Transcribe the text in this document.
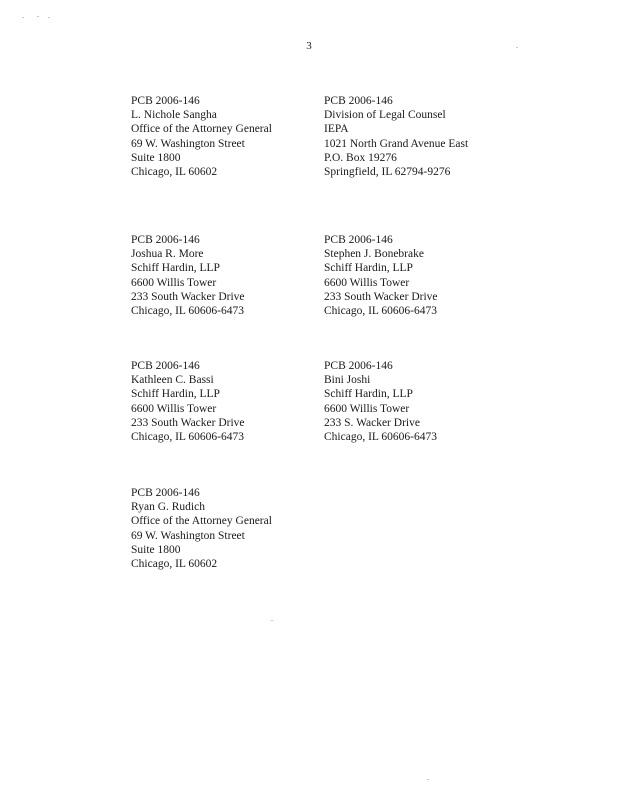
3
PCB 2006-146
L. Nichole Sangha
Office of the Attorney General
69 W. Washington Street
Suite 1800
Chicago, IL 60602
PCB 2006-146
Division of Legal Counsel
IEPA
1021 North Grand Avenue East
P.O. Box 19276
Springfield, IL 62794-9276
PCB 2006-146
Joshua R. More
Schiff Hardin, LLP
6600 Willis Tower
233 South Wacker Drive
Chicago, IL 60606-6473
PCB 2006-146
Stephen J. Bonebrake
Schiff Hardin, LLP
6600 Willis Tower
233 South Wacker Drive
Chicago, IL 60606-6473
PCB 2006-146
Kathleen C. Bassi
Schiff Hardin, LLP
6600 Willis Tower
233 South Wacker Drive
Chicago, IL 60606-6473
PCB 2006-146
Bini Joshi
Schiff Hardin, LLP
6600 Willis Tower
233 S. Wacker Drive
Chicago, IL 60606-6473
PCB 2006-146
Ryan G. Rudich
Office of the Attorney General
69 W. Washington Street
Suite 1800
Chicago, IL 60602
